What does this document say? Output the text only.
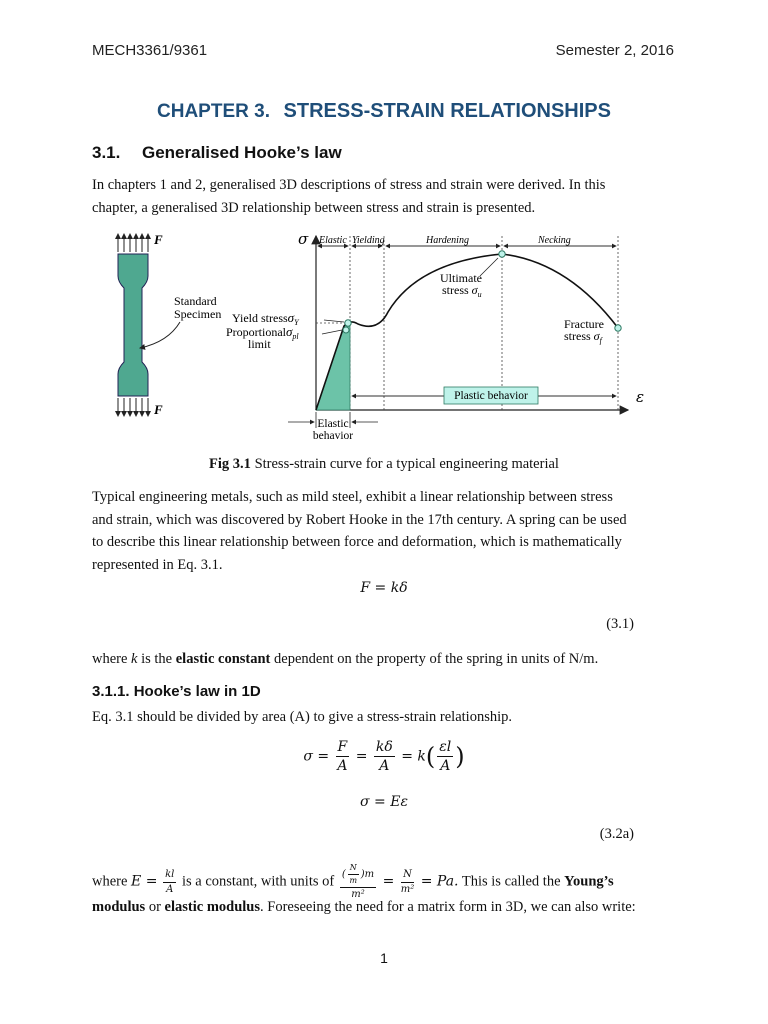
MECH3361/9361	Semester 2, 2016
CHAPTER 3. STRESS-STRAIN RELATIONSHIPS
3.1. Generalised Hooke’s law
In chapters 1 and 2, generalised 3D descriptions of stress and strain were derived. In this
chapter, a generalised 3D relationship between stress and strain is presented.
F
F
Standard
Specimen
σ
ε
Elastic Yielding	Hardening	Necking
Ultimate
stress $\sigma_u$
Fracture
stress $\sigma_f$
Yield stressσ$_Y$
Proportionalσ$_{pl}$
limit
Plastic behavior
Elastic
behavior
Fig 3.1 Stress-strain curve for a typical engineering material
Typical engineering metals, such as mild steel, exhibit a linear relationship between stress
and strain, which was discovered by Robert Hooke in the 17th century. A spring can be used
to describe this linear relationship between force and deformation, which is mathematically
represented in Eq. 3.1.
F = kδ
(3.1)
where k is the elastic constant dependent on the property of the spring in units of N/m.
3.1.1. Hooke’s law in 1D
Eq. 3.1 should be divided by area (A) to give a stress-strain relationship.
$\sigma = \frac{F}{A} = \frac{k\delta}{A} = k( \frac{\varepsilon l}{A}$ )
σ = Eε
(3.2a)
where $E = \frac{kl}{A}$ is a constant, with units of $\frac{( \frac{N}{m} )m}{\text{m²}} = \frac{N}{\text{m²}} = Pa$. This is called the Young’s
modulus or elastic modulus. Foreseeing the need for a matrix form in 3D, we can also write:
1
